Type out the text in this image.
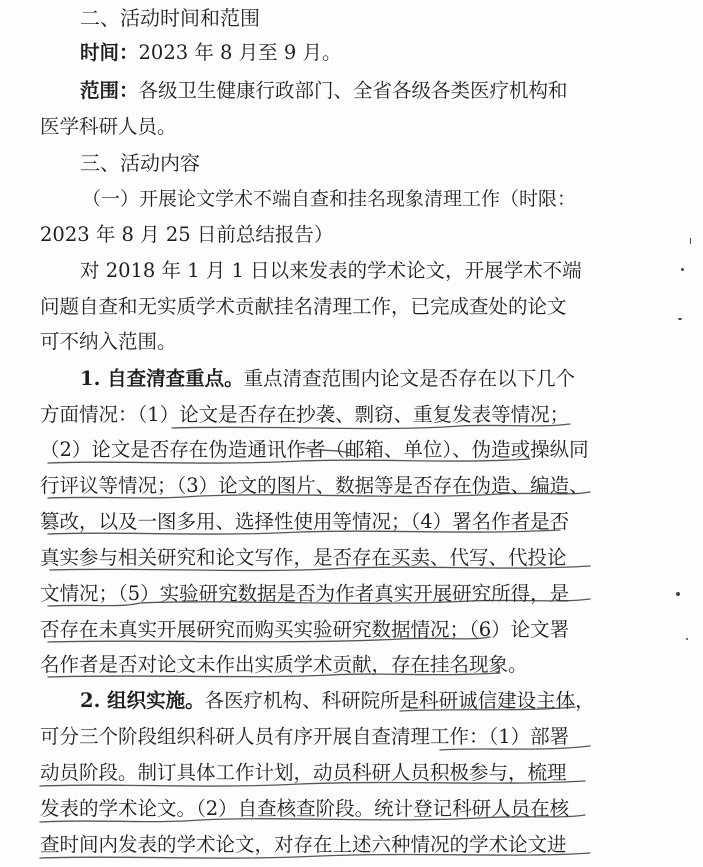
二、活动时间和范围
时间：2023 年 8 月至 9 月。
范围：各级卫生健康行政部门、全省各级各类医疗机构和
医学科研人员。
三、活动内容
（一）开展论文学术不端自查和挂名现象清理工作（时限：
2023 年 8 月 25 日前总结报告）
对 2018 年 1 月 1 日以来发表的学术论文，开展学术不端
问题自查和无实质学术贡献挂名清理工作，已完成查处的论文
可不纳入范围。
1. 自查清查重点。重点清查范围内论文是否存在以下几个
方面情况：（1）论文是否存在抄袭、剽窃、重复发表等情况；
（2）论文是否存在伪造通讯作者（邮箱、单位）、伪造或操纵同
行评议等情况；（3）论文的图片、数据等是否存在伪造、编造、
篡改，以及一图多用、选择性使用等情况；（4）署名作者是否
真实参与相关研究和论文写作，是否存在买卖、代写、代投论
文情况；（5）实验研究数据是否为作者真实开展研究所得，是
否存在未真实开展研究而购买实验研究数据情况；（6）论文署
名作者是否对论文未作出实质学术贡献，存在挂名现象。
2. 组织实施。各医疗机构、科研院所是科研诚信建设主体，
可分三个阶段组织科研人员有序开展自查清理工作：（1）部署
动员阶段。制订具体工作计划，动员科研人员积极参与，梳理
发表的学术论文。（2）自查核查阶段。统计登记科研人员在核
查时间内发表的学术论文，对存在上述六种情况的学术论文进
